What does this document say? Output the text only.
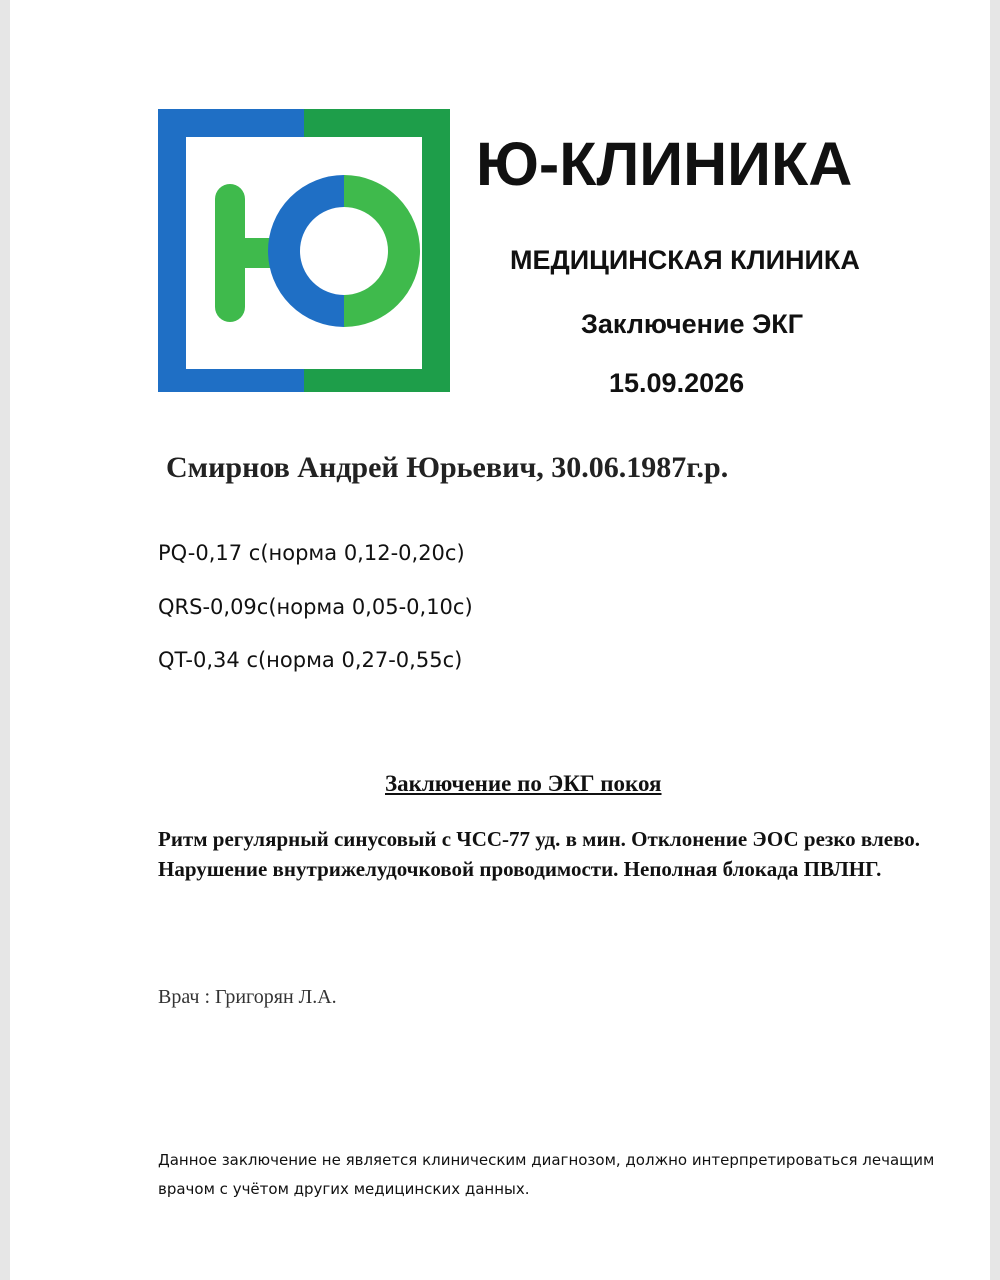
Ю-КЛИНИКА
МЕДИЦИНСКАЯ КЛИНИКА
Заключение ЭКГ
15.09.2026
Смирнов Андрей Юрьевич, 30.06.1987г.р.
PQ-0,17 с(норма 0,12-0,20с)
QRS-0,09с(норма 0,05-0,10с)
QT-0,34 с(норма 0,27-0,55с)
Заключение по ЭКГ покоя
Ритм регулярный синусовый с ЧСС-77 уд. в мин. Отклонение ЭОС резко влево. Нарушение внутрижелудочковой проводимости. Неполная блокада ПВЛНГ.
Врач : Григорян Л.А.
Данное заключение не является клиническим диагнозом, должно интерпретироваться лечащим врачом с учётом других медицинских данных.
